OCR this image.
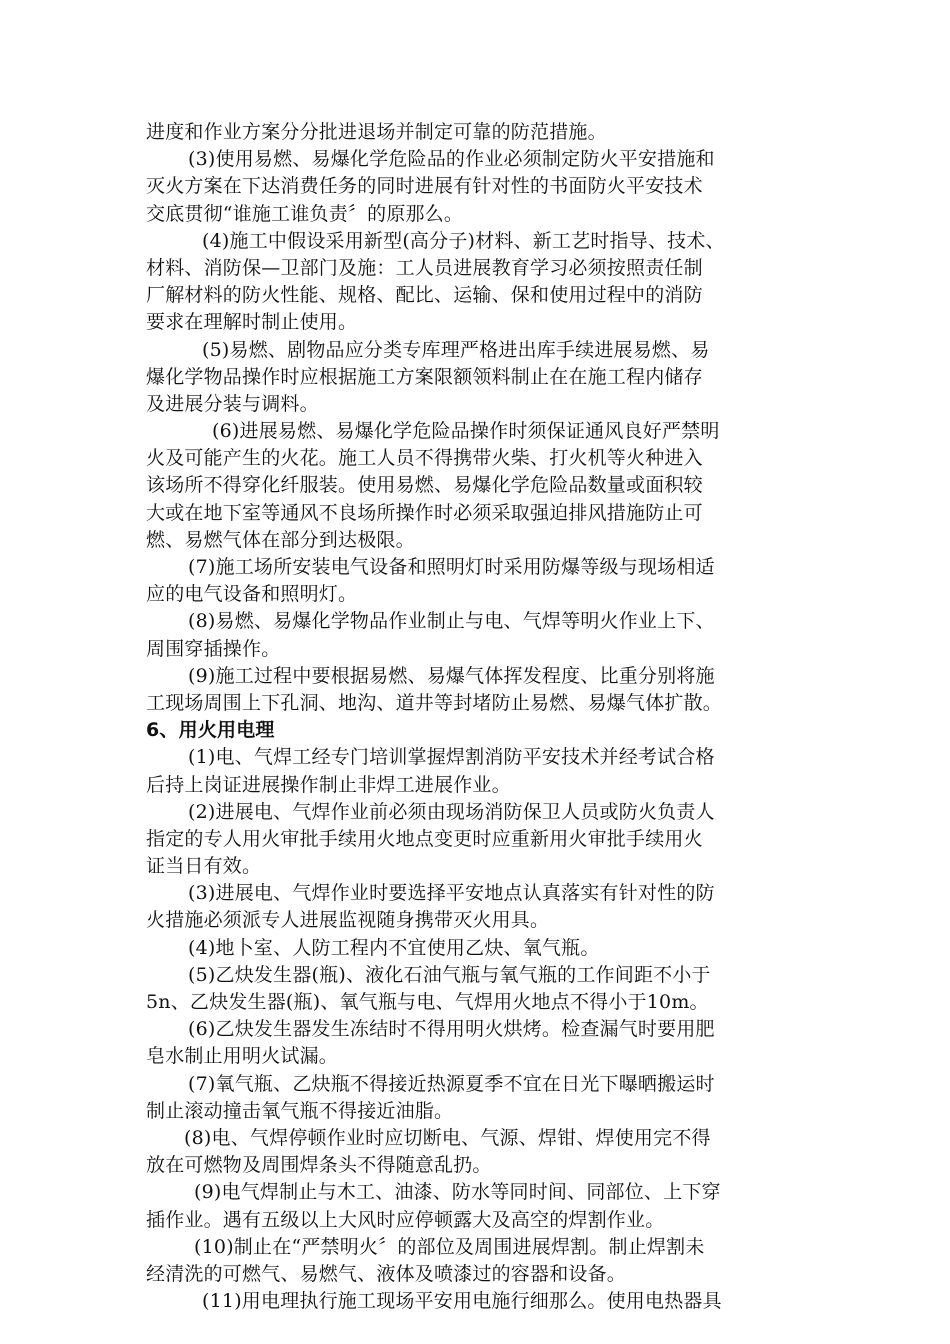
进度和作业方案分分批进退场并制定可靠的防范措施。
(3)使用易燃、易爆化学危险品的作业必须制定防火平安措施和
灭火方案在下达消费任务的同时进展有针对性的书面防火平安技术
交底贯彻“谁施工谁负责〞的原那么。
(4)施工中假设采用新型(高分子)材料、新工艺时指导、技术、
材料、消防保—卫部门及施：工人员进展教育学习必须按照责任制
厂解材料的防火性能、规格、配比、运输、保和使用过程中的消防
要求在理解时制止使用。
(5)易燃、剧物品应分类专库理严格进出库手续进展易燃、易
爆化学物品操作时应根据施工方案限额领料制止在在施工程内储存
及进展分装与调料。
(6)进展易燃、易爆化学危险品操作时须保证通风良好严禁明
火及可能产生的火花。施工人员不得携带火柴、打火机等火种进入
该场所不得穿化纤服装。使用易燃、易爆化学危险品数量或面积较
大或在地下室等通风不良场所操作时必须采取强迫排风措施防止可
燃、易燃气体在部分到达极限。
(7)施工场所安装电气设备和照明灯时采用防爆等级与现场相适
应的电气设备和照明灯。
(8)易燃、易爆化学物品作业制止与电、气焊等明火作业上下、
周围穿插操作。
(9)施工过程中要根据易燃、易爆气体挥发程度、比重分别将施
工现场周围上下孔洞、地沟、道井等封堵防止易燃、易爆气体扩散。
6、用火用电理
(1)电、气焊工经专门培训掌握焊割消防平安技术并经考试合格
后持上岗证进展操作制止非焊工进展作业。
(2)进展电、气焊作业前必须由现场消防保卫人员或防火负责人
指定的专人用火审批手续用火地点变更时应重新用火审批手续用火
证当日有效。
(3)进展电、气焊作业时要选择平安地点认真落实有针对性的防
火措施必须派专人进展监视随身携带灭火用具。
(4)地卜室、人防工程内不宜使用乙炔、氧气瓶。
(5)乙炔发生器(瓶)、液化石油气瓶与氧气瓶的工作间距不小于
5n、乙炔发生器(瓶)、氧气瓶与电、气焊用火地点不得小于10m。
(6)乙炔发生器发生冻结时不得用明火烘烤。检查漏气时要用肥
皂水制止用明火试漏。
(7)氧气瓶、乙炔瓶不得接近热源夏季不宜在日光下曝晒搬运时
制止滚动撞击氧气瓶不得接近油脂。
(8)电、气焊停顿作业时应切断电、气源、焊钳、焊使用完不得
放在可燃物及周围焊条头不得随意乱扔。
(9)电气焊制止与木工、油漆、防水等同时间、同部位、上下穿
插作业。遇有五级以上大风时应停顿露大及高空的焊割作业。
(10)制止在“严禁明火〞的部位及周围进展焊割。制止焊割未
经清洗的可燃气、易燃气、液体及喷漆过的容器和设备。
(11)用电理执行施工现场平安用电施行细那么。使用电热器具
